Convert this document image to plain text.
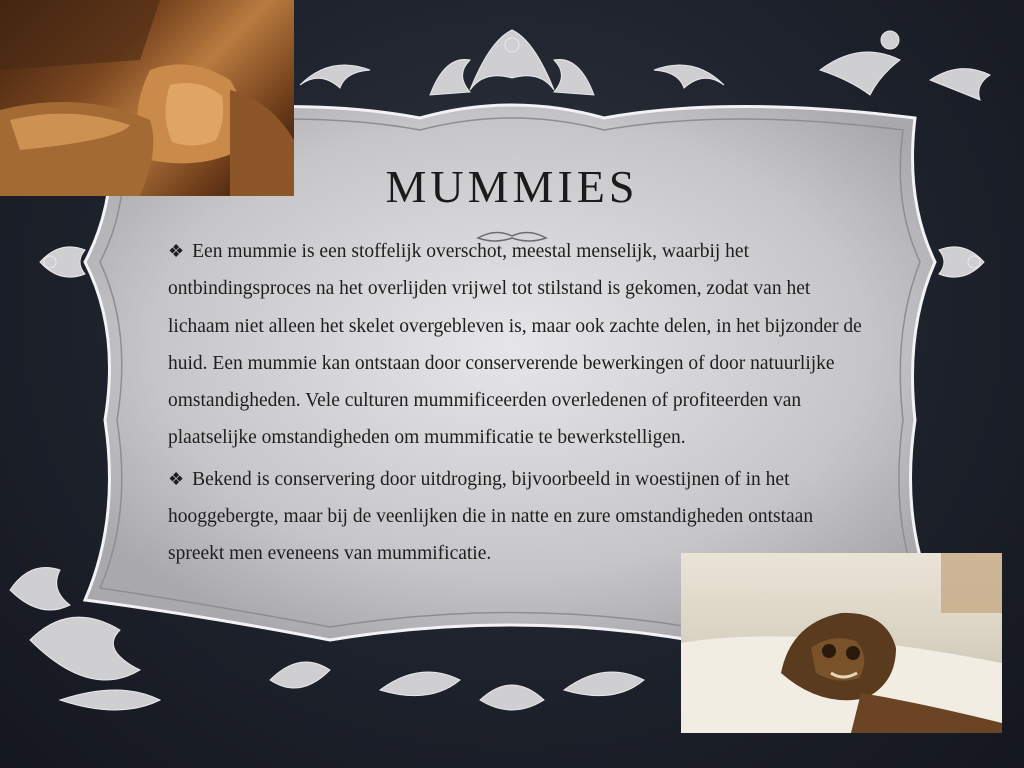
MUMMIES

❖ Een mummie is een stoffelijk overschot, meestal menselijk, waarbij het ontbindingsproces na het overlijden vrijwel tot stilstand is gekomen, zodat van het lichaam niet alleen het skelet overgebleven is, maar ook zachte delen, in het bijzonder de huid. Een mummie kan ontstaan door conserverende bewerkingen of door natuurlijke omstandigheden. Vele culturen mummificeerden overledenen of profiteerden van plaatselijke omstandigheden om mummificatie te bewerkstelligen.

❖ Bekend is conservering door uitdroging, bijvoorbeeld in woestijnen of in het hooggebergte, maar bij de veenlijken die in natte en zure omstandigheden ontstaan spreekt men eveneens van mummificatie.
